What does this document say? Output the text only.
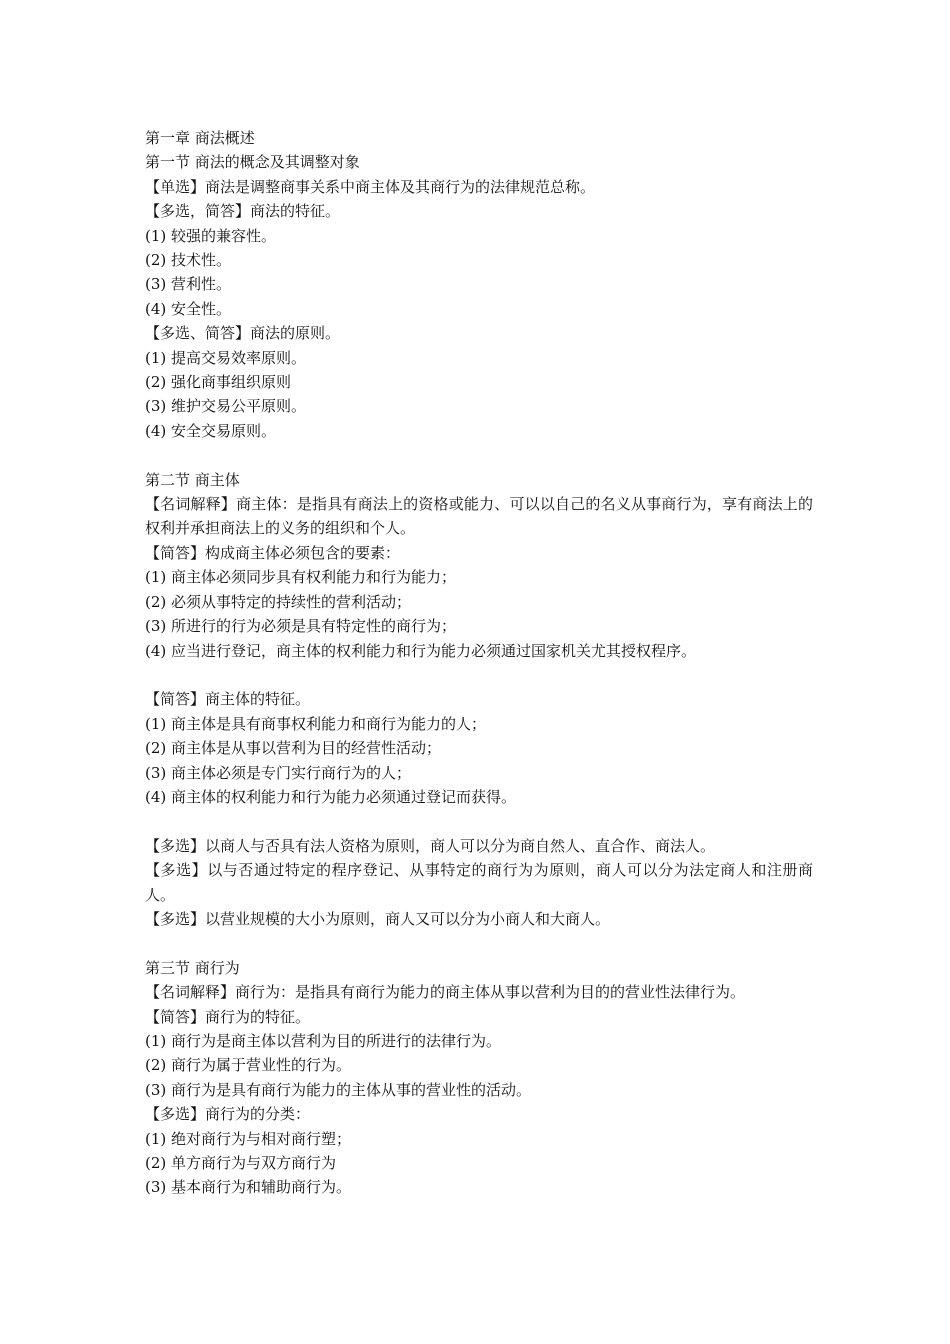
第一章 商法概述
第一节 商法的概念及其调整对象
【单选】商法是调整商事关系中商主体及其商行为的法律规范总称。
【多选，简答】商法的特征。
(1) 较强的兼容性。
(2) 技术性。
(3) 营利性。
(4) 安全性。
【多选、简答】商法的原则。
(1) 提高交易效率原则。
(2) 强化商事组织原则
(3) 维护交易公平原则。
(4) 安全交易原则。
第二节 商主体
【名词解释】商主体：是指具有商法上的资格或能力、可以以自己的名义从事商行为，享有商法上的权利并承担商法上的义务的组织和个人。
【简答】构成商主体必须包含的要素：
(1) 商主体必须同步具有权利能力和行为能力；
(2) 必须从事特定的持续性的营利活动；
(3) 所进行的行为必须是具有特定性的商行为；
(4) 应当进行登记，商主体的权利能力和行为能力必须通过国家机关尤其授权程序。
【简答】商主体的特征。
(1) 商主体是具有商事权利能力和商行为能力的人；
(2) 商主体是从事以营利为目的经营性活动；
(3) 商主体必须是专门实行商行为的人；
(4) 商主体的权利能力和行为能力必须通过登记而获得。
【多选】以商人与否具有法人资格为原则，商人可以分为商自然人、直合作、商法人。
【多选】以与否通过特定的程序登记、从事特定的商行为为原则，商人可以分为法定商人和注册商人。
【多选】以营业规模的大小为原则，商人又可以分为小商人和大商人。
第三节 商行为
【名词解释】商行为：是指具有商行为能力的商主体从事以营利为目的的营业性法律行为。
【简答】商行为的特征。
(1) 商行为是商主体以营利为目的所进行的法律行为。
(2) 商行为属于营业性的行为。
(3) 商行为是具有商行为能力的主体从事的营业性的活动。
【多选】商行为的分类：
(1) 绝对商行为与相对商行塑；
(2) 单方商行为与双方商行为
(3) 基本商行为和辅助商行为。
